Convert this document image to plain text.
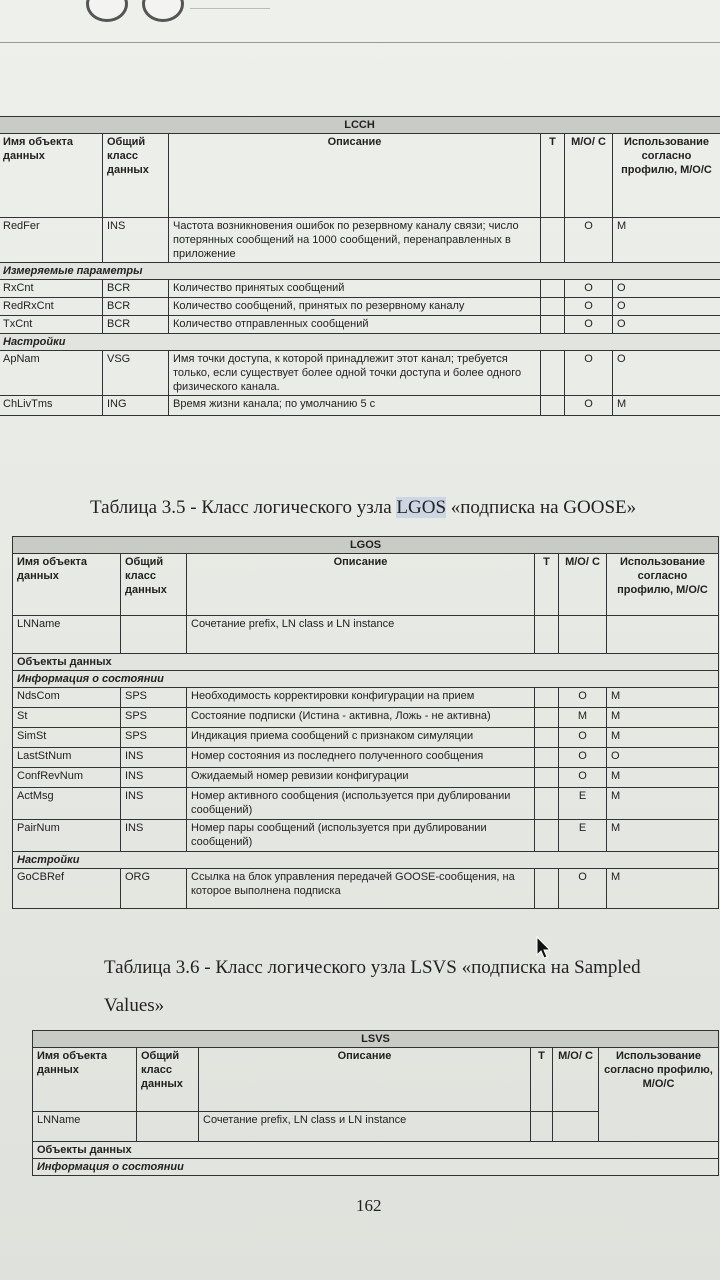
LCCH					
Имя объекта данных	Общий класс данных	Описание	T	M/O/ C	Использование согласно профилю, M/O/C
RedFer	INS	Частота возникновения ошибок по резервному каналу связи; число потерянных сообщений на 1000 сообщений, перенаправленных в приложение		O	M
Измеряемые параметры					
RxCnt	BCR	Количество принятых сообщений		O	O
RedRxCnt	BCR	Количество сообщений, принятых по резервному каналу		O	O
TxCnt	BCR	Количество отправленных сообщений		O	O
Настройки					
ApNam	VSG	Имя точки доступа, к которой принадлежит этот канал; требуется только, если существует более одной точки доступа и более одного физического канала.		O	O
ChLivTms	ING	Время жизни канала; по умолчанию 5 с		O	M
Таблица 3.5 - Класс логического узла LGOS «подписка на GOOSE»
LGOS					
Имя объекта данных	Общий класс данных	Описание	T	M/O/ C	Использование согласно профилю, M/O/C
LNName		Сочетание prefix, LN class и LN instance			
Объекты данных					
Информация о состоянии					
NdsCom	SPS	Необходимость корректировки конфигурации на прием		O	M
St	SPS	Состояние подписки (Истина - активна, Ложь - не активна)		M	M
SimSt	SPS	Индикация приема сообщений с признаком симуляции		O	M
LastStNum	INS	Номер состояния из последнего полученного сообщения		O	O
ConfRevNum	INS	Ожидаемый номер ревизии конфигурации		O	M
ActMsg	INS	Номер активного сообщения (используется при дублировании сообщений)		E	M
PairNum	INS	Номер пары сообщений (используется при дублировании сообщений)		E	M
Настройки					
GoCBRef	ORG	Ссылка на блок управления передачей GOOSE-сообщения, на которое выполнена подписка		O	M
Таблица 3.6 - Класс логического узла LSVS «подписка на Sampled
Values»
LSVS					
Имя объекта данных	Общий класс данных	Описание	T	M/O/ C	Использование согласно профилю, M/O/C
LNName		Сочетание prefix, LN class и LN instance			
Объекты данных					
Информация о состоянии					
162
